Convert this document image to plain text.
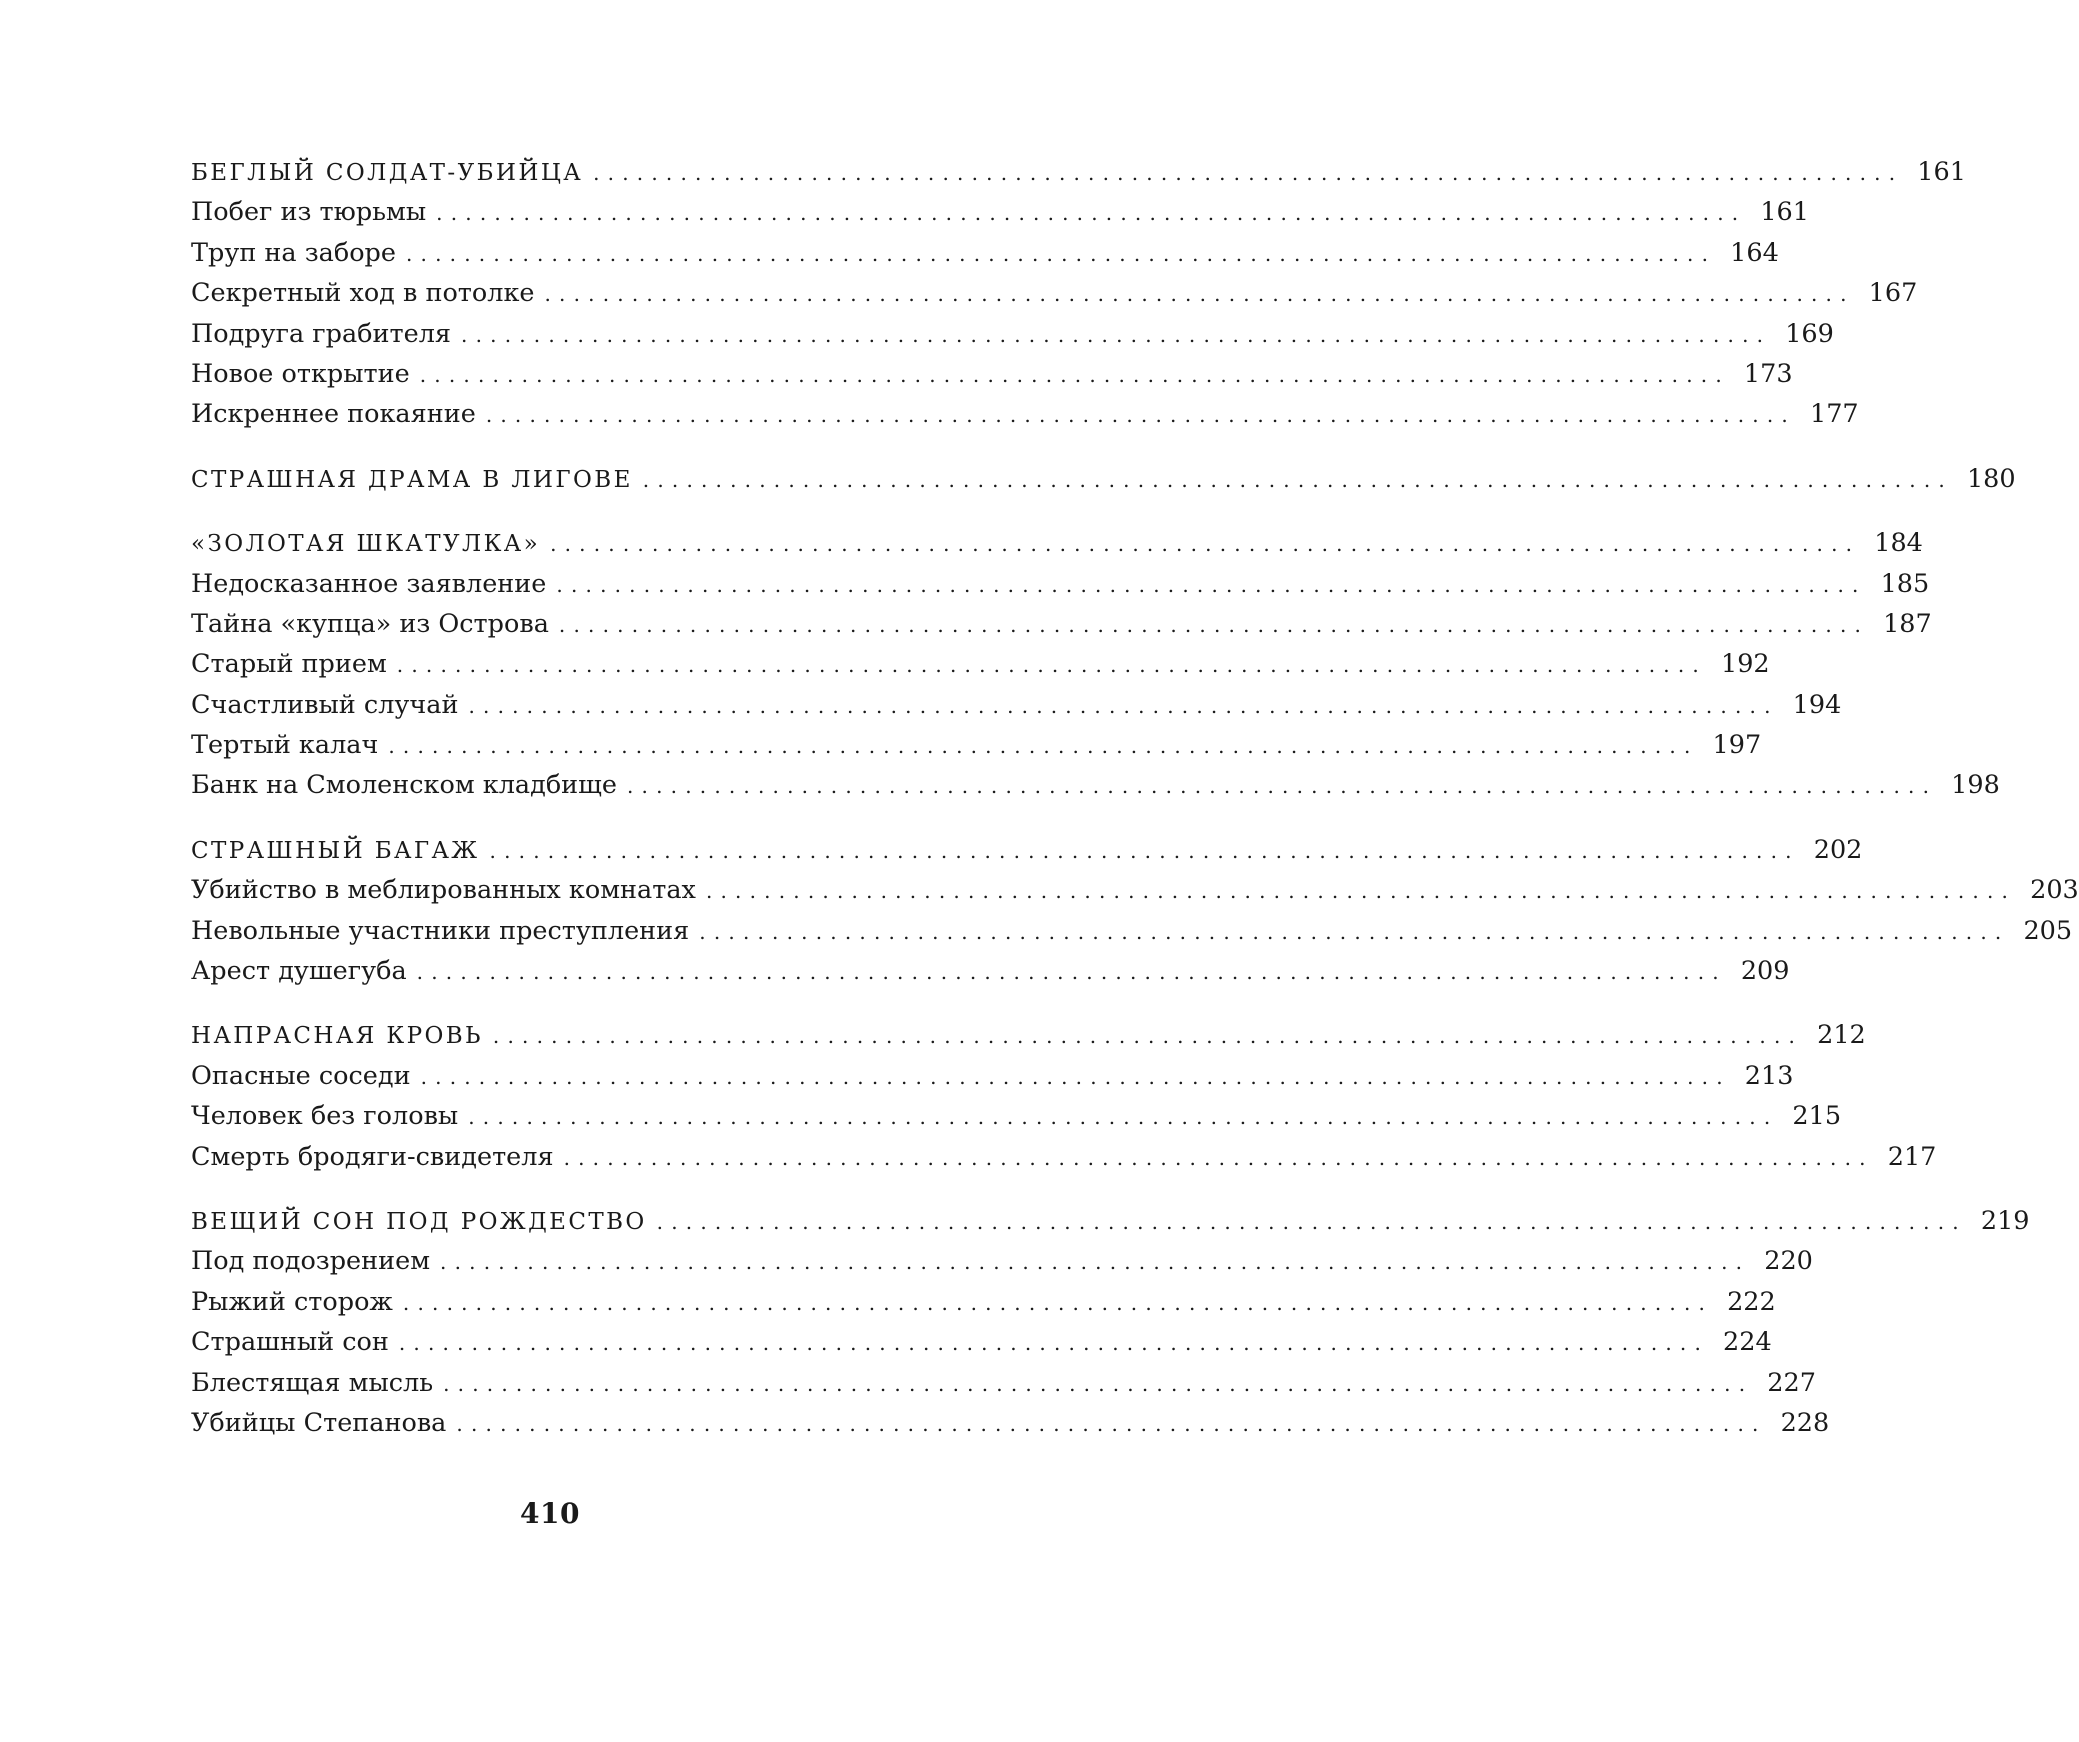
БЕГЛЫЙ СОЛДАТ-УБИЙЦА .......................................................................................... 161
Побег из тюрьмы .......................................................................................... 161
Труп на заборе .......................................................................................... 164
Секретный ход в потолке .......................................................................................... 167
Подруга грабителя .......................................................................................... 169
Новое открытие .......................................................................................... 173
Искреннее покаяние .......................................................................................... 177
СТРАШНАЯ ДРАМА В ЛИГОВЕ .......................................................................................... 180
«ЗОЛОТАЯ ШКАТУЛКА» .......................................................................................... 184
Недосказанное заявление .......................................................................................... 185
Тайна «купца» из Острова .......................................................................................... 187
Старый прием .......................................................................................... 192
Счастливый случай .......................................................................................... 194
Тертый калач .......................................................................................... 197
Банк на Смоленском кладбище .......................................................................................... 198
СТРАШНЫЙ БАГАЖ .......................................................................................... 202
Убийство в меблированных комнатах .......................................................................................... 203
Невольные участники преступления .......................................................................................... 205
Арест душегуба .......................................................................................... 209
НАПРАСНАЯ КРОВЬ .......................................................................................... 212
Опасные соседи .......................................................................................... 213
Человек без головы .......................................................................................... 215
Смерть бродяги-свидетеля .......................................................................................... 217
ВЕЩИЙ СОН ПОД РОЖДЕСТВО .......................................................................................... 219
Под подозрением .......................................................................................... 220
Рыжий сторож .......................................................................................... 222
Страшный сон .......................................................................................... 224
Блестящая мысль .......................................................................................... 227
Убийцы Степанова .......................................................................................... 228
410
